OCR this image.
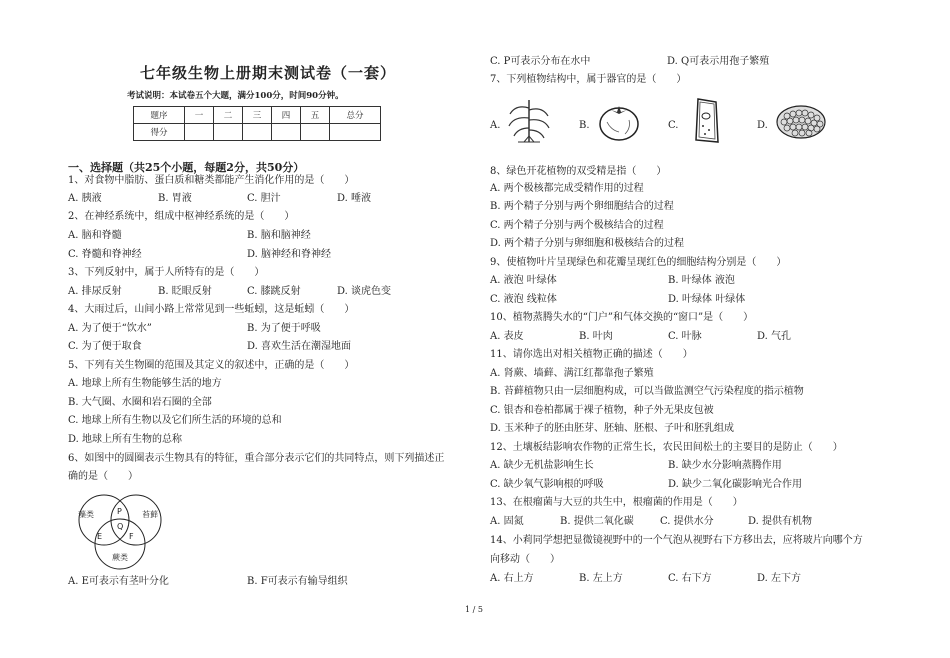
七年级生物上册期末测试卷（一套）
考试说明：本试卷五个大题，满分100分，时间90分钟。
题序	一	二	三	四	五	总分
得分						
一、选择题（共25个小题，每题2分，共50分）
1、对食物中脂肪、蛋白质和糖类都能产生消化作用的是（　　）
A. 胰液	B. 胃液	C. 胆汁	D. 唾液
2、在神经系统中，组成中枢神经系统的是（　　）
A. 脑和脊髓	B. 脑和脑神经
C. 脊髓和脊神经	D. 脑神经和脊神经
3、下列反射中，属于人所特有的是（　　）
A. 排尿反射	B. 眨眼反射	C. 膝跳反射	D. 谈虎色变
4、大雨过后，山间小路上常常见到一些蚯蚓，这是蚯蚓（　　）
A. 为了便于“饮水”	B. 为了便于呼吸
C. 为了便于取食	D. 喜欢生活在潮湿地面
5、下列有关生物圈的范围及其定义的叙述中，正确的是（　　）
A. 地球上所有生物能够生活的地方
B. 大气圈、水圈和岩石圈的全部
C. 地球上所有生物以及它们所生活的环境的总和
D. 地球上所有生物的总称
6、如图中的圆圈表示生物具有的特征，重合部分表示它们的共同特点，则下列描述正
确的是（　　）
藻类	苔藓
蕨类
P
Q
E	F
A. E可表示有茎叶分化	B. F可表示有输导组织
C. P可表示分布在水中	D. Q可表示用孢子繁殖
7、下列植物结构中，属于器官的是（　　）
A.	B.	C.	D.
8、绿色开花植物的双受精是指（　　）
A. 两个极核都完成受精作用的过程
B. 两个精子分别与两个卵细胞结合的过程
C. 两个精子分别与两个极核结合的过程
D. 两个精子分别与卵细胞和极核结合的过程
9、使植物叶片呈现绿色和花瓣呈现红色的细胞结构分别是（　　）
A. 液泡 叶绿体	B. 叶绿体 液泡
C. 液泡 线粒体	D. 叶绿体 叶绿体
10、植物蒸腾失水的“门户”和气体交换的“窗口”是（　　）
A. 表皮	B. 叶肉	C. 叶脉	D. 气孔
11、请你选出对相关植物正确的描述（　　）
A. 肾蕨、墙藓、满江红都靠孢子繁殖
B. 苔藓植物只由一层细胞构成，可以当做监测空气污染程度的指示植物
C. 银杏和卷柏都属于裸子植物，种子外无果皮包被
D. 玉米种子的胚由胚芽、胚轴、胚根、子叶和胚乳组成
12、土壤板结影响农作物的正常生长，农民田间松土的主要目的是防止（　　）
A. 缺少无机盐影响生长	B. 缺少水分影响蒸腾作用
C. 缺少氧气影响根的呼吸	D. 缺少二氧化碳影响光合作用
13、在根瘤菌与大豆的共生中，根瘤菌的作用是（　　）
A. 固氮	B. 提供二氧化碳	C. 提供水分	D. 提供有机物
14、小莉同学想把显微镜视野中的一个气泡从视野右下方移出去，应将玻片向哪个方
向移动（　　）
A. 右上方	B. 左上方	C. 右下方	D. 左下方
1 / 5
